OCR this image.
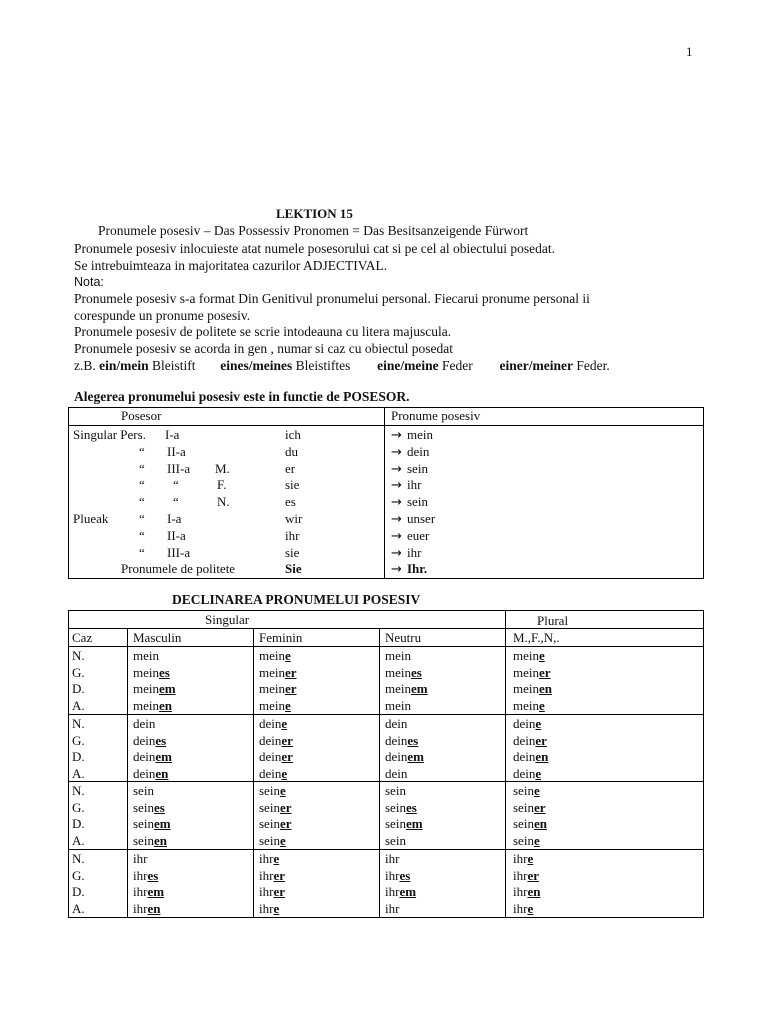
1
LEKTION 15
Pronumele posesiv – Das Possessiv Pronomen = Das Besitsanzeigende Fürwort
Pronumele posesiv inlocuieste atat numele posesorului cat si pe cel al obiectului posedat.
Se intrebuimteaza in majoritatea cazurilor ADJECTIVAL.
Nota:
Pronumele posesiv s-a format Din Genitivul pronumelui personal. Fiecarui pronume personal ii
corespunde un pronume posesiv.
Pronumele posesiv de politete se scrie intodeauna cu litera majuscula.
Pronumele posesiv se acorda in gen , numar si caz cu obiectul posedat
z.B. ein/mein Bleistift eines/meines Bleistiftes eine/meine Feder einer/meiner Feder.
Alegerea pronumelui posesiv este in functie de POSESOR.
Posesor	Pronume posesiv
Singular Pers. I-a	ich	→ mein
“ II-a	du	→ dein
“ III-a M.	er	→ sein
“ “	F.	sie	→ ihr
“ “	N.	es	→ sein
Plueak “ I-a	wir	→ unser
“ II-a	ihr	→ euer
“ III-a	sie	→ ihr
Pronumele de politete	Sie	→ Ihr.
DECLINAREA PRONUMELUI POSESIV
Singular	Plural
Caz	Masculin	Feminin	Neutru	M.,F.,N,.
N.	mein	meine	mein	meine
G.	meines	meiner	meines	meiner
D.	meinem	meiner	meinem	meinen
A.	meinen	meine	mein	meine
N.	dein	deine	dein	deine
G.	deines	deiner	deines	deiner
D.	deinem	deiner	deinem	deinen
A.	deinen	deine	dein	deine
N.	sein	seine	sein	seine
G.	seines	seiner	seines	seiner
D.	seinem	seiner	seinem	seinen
A.	seinen	seine	sein	seine
N.	ihr	ihre	ihr	ihre
G.	ihres	ihrer	ihres	ihrer
D.	ihrem	ihrer	ihrem	ihren
A.	ihren	ihre	ihr	ihre
